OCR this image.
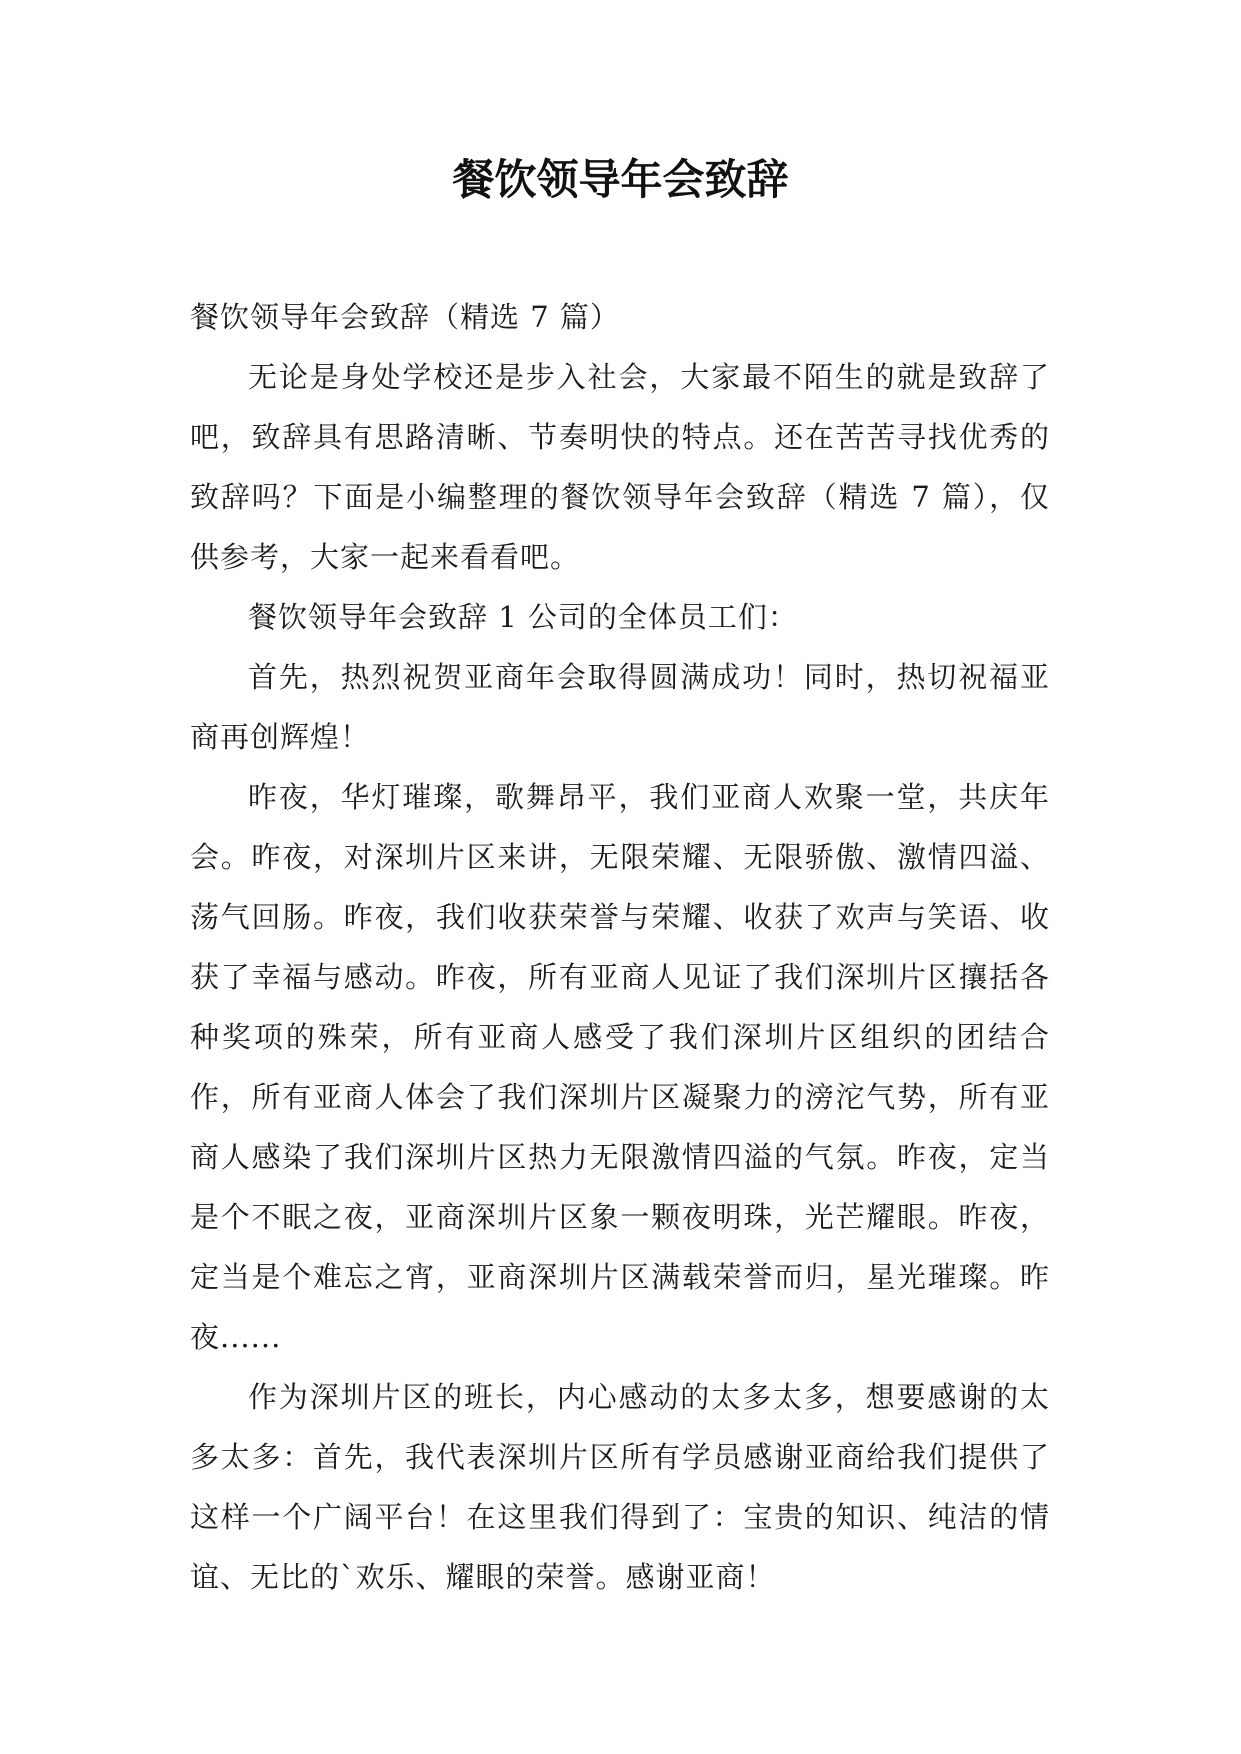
餐饮领导年会致辞

餐饮领导年会致辞（精选 7 篇）

无论是身处学校还是步入社会，大家最不陌生的就是致辞了吧，致辞具有思路清晰、节奏明快的特点。还在苦苦寻找优秀的致辞吗？下面是小编整理的餐饮领导年会致辞（精选 7 篇），仅供参考，大家一起来看看吧。

餐饮领导年会致辞 1 公司的全体员工们：

首先，热烈祝贺亚商年会取得圆满成功！同时，热切祝福亚商再创辉煌！

昨夜，华灯璀璨，歌舞昂平，我们亚商人欢聚一堂，共庆年会。昨夜，对深圳片区来讲，无限荣耀、无限骄傲、激情四溢、荡气回肠。昨夜，我们收获荣誉与荣耀、收获了欢声与笑语、收获了幸福与感动。昨夜，所有亚商人见证了我们深圳片区攘括各种奖项的殊荣，所有亚商人感受了我们深圳片区组织的团结合作，所有亚商人体会了我们深圳片区凝聚力的滂沱气势，所有亚商人感染了我们深圳片区热力无限激情四溢的气氛。昨夜，定当是个不眠之夜，亚商深圳片区象一颗夜明珠，光芒耀眼。昨夜，定当是个难忘之宵，亚商深圳片区满载荣誉而归，星光璀璨。昨夜......

作为深圳片区的班长，内心感动的太多太多，想要感谢的太多太多：首先，我代表深圳片区所有学员感谢亚商给我们提供了这样一个广阔平台！在这里我们得到了：宝贵的知识、纯洁的情谊、无比的`欢乐、耀眼的荣誉。感谢亚商！
